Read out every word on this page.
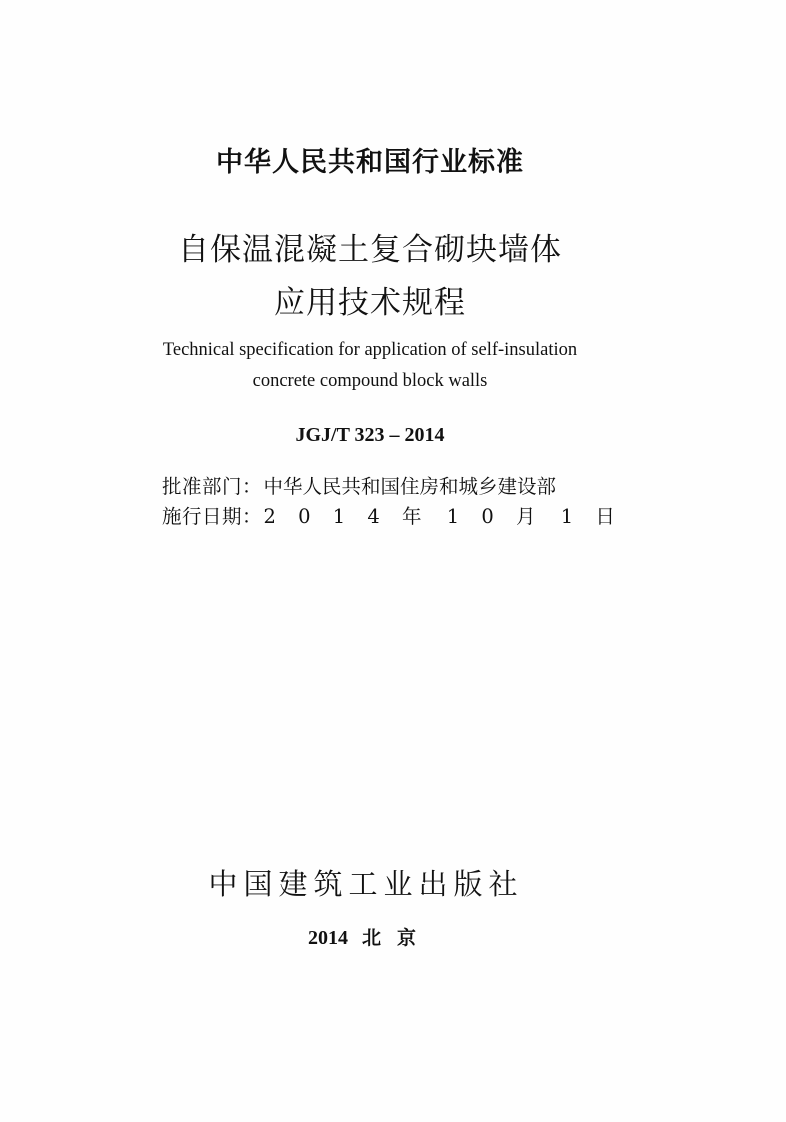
中华人民共和国行业标准
自保温混凝土复合砌块墙体
应用技术规程
Technical specification for application of self-insulation
concrete compound block walls
JGJ/T 323 – 2014
批准部门 ： 中华人民共和国住房和城乡建设部
施行日期 ： 2 0 1 4 年 1 0 月 1 日
中国建筑工业出版社
2014 北京
